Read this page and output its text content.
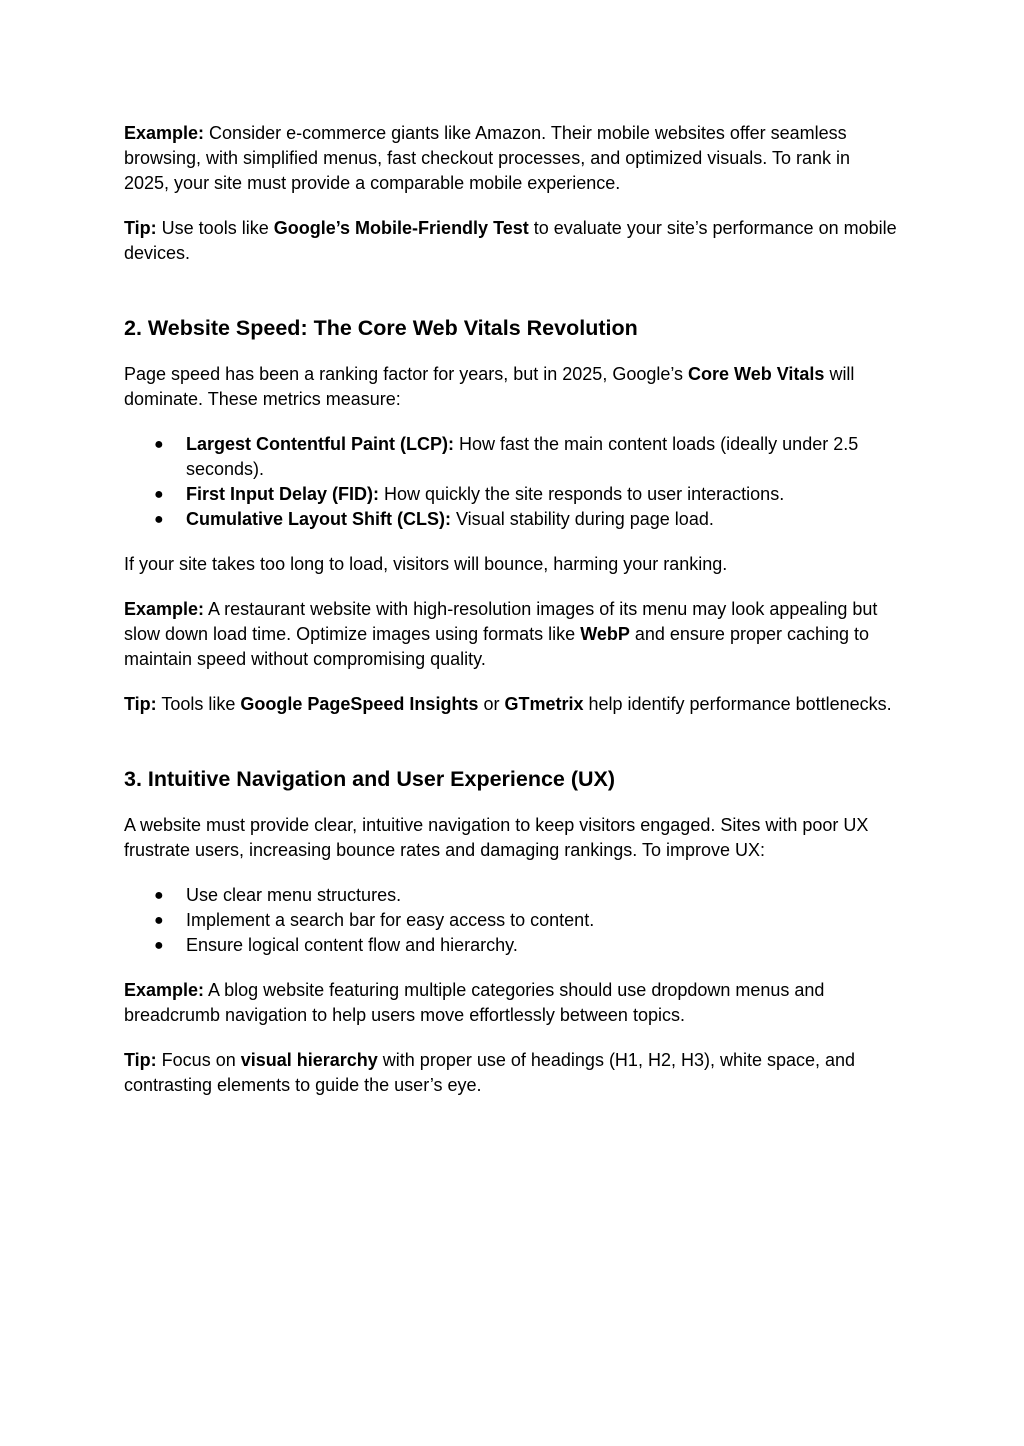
Example: Consider e-commerce giants like Amazon. Their mobile websites offer seamless browsing, with simplified menus, fast checkout processes, and optimized visuals. To rank in 2025, your site must provide a comparable mobile experience.

Tip: Use tools like Google’s Mobile-Friendly Test to evaluate your site’s performance on mobile devices.

2. Website Speed: The Core Web Vitals Revolution

Page speed has been a ranking factor for years, but in 2025, Google’s Core Web Vitals will dominate. These metrics measure:

● Largest Contentful Paint (LCP): How fast the main content loads (ideally under 2.5 seconds).
● First Input Delay (FID): How quickly the site responds to user interactions.
● Cumulative Layout Shift (CLS): Visual stability during page load.

If your site takes too long to load, visitors will bounce, harming your ranking.

Example: A restaurant website with high-resolution images of its menu may look appealing but slow down load time. Optimize images using formats like WebP and ensure proper caching to maintain speed without compromising quality.

Tip: Tools like Google PageSpeed Insights or GTmetrix help identify performance bottlenecks.

3. Intuitive Navigation and User Experience (UX)

A website must provide clear, intuitive navigation to keep visitors engaged. Sites with poor UX frustrate users, increasing bounce rates and damaging rankings. To improve UX:

● Use clear menu structures.
● Implement a search bar for easy access to content.
● Ensure logical content flow and hierarchy.

Example: A blog website featuring multiple categories should use dropdown menus and breadcrumb navigation to help users move effortlessly between topics.

Tip: Focus on visual hierarchy with proper use of headings (H1, H2, H3), white space, and contrasting elements to guide the user’s eye.
